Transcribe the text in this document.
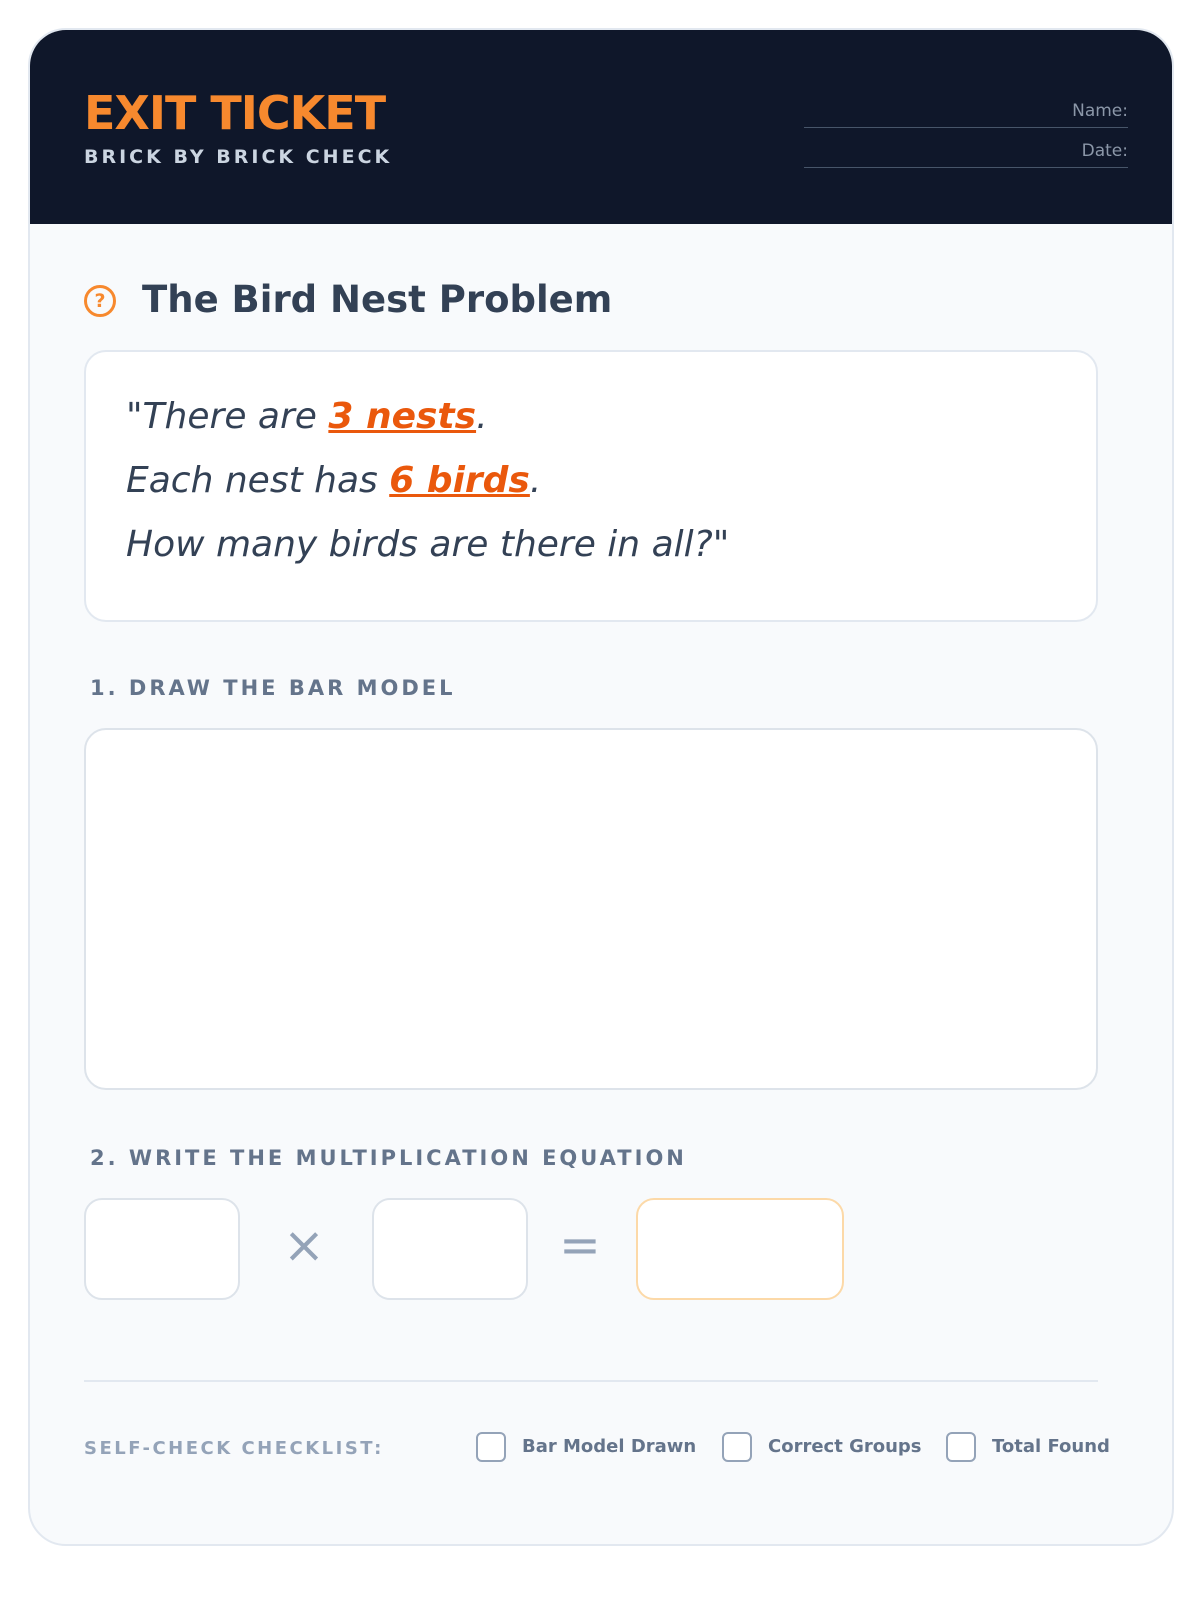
EXIT TICKET
BRICK BY BRICK CHECK
Name:
Date:
? The Bird Nest Problem
"There are 3 nests.
Each nest has 6 birds.
How many birds are there in all?"
1. DRAW THE BAR MODEL
2. WRITE THE MULTIPLICATION EQUATION
×	=
SELF-CHECK CHECKLIST:	Bar Model Drawn	Correct Groups	Total Found
